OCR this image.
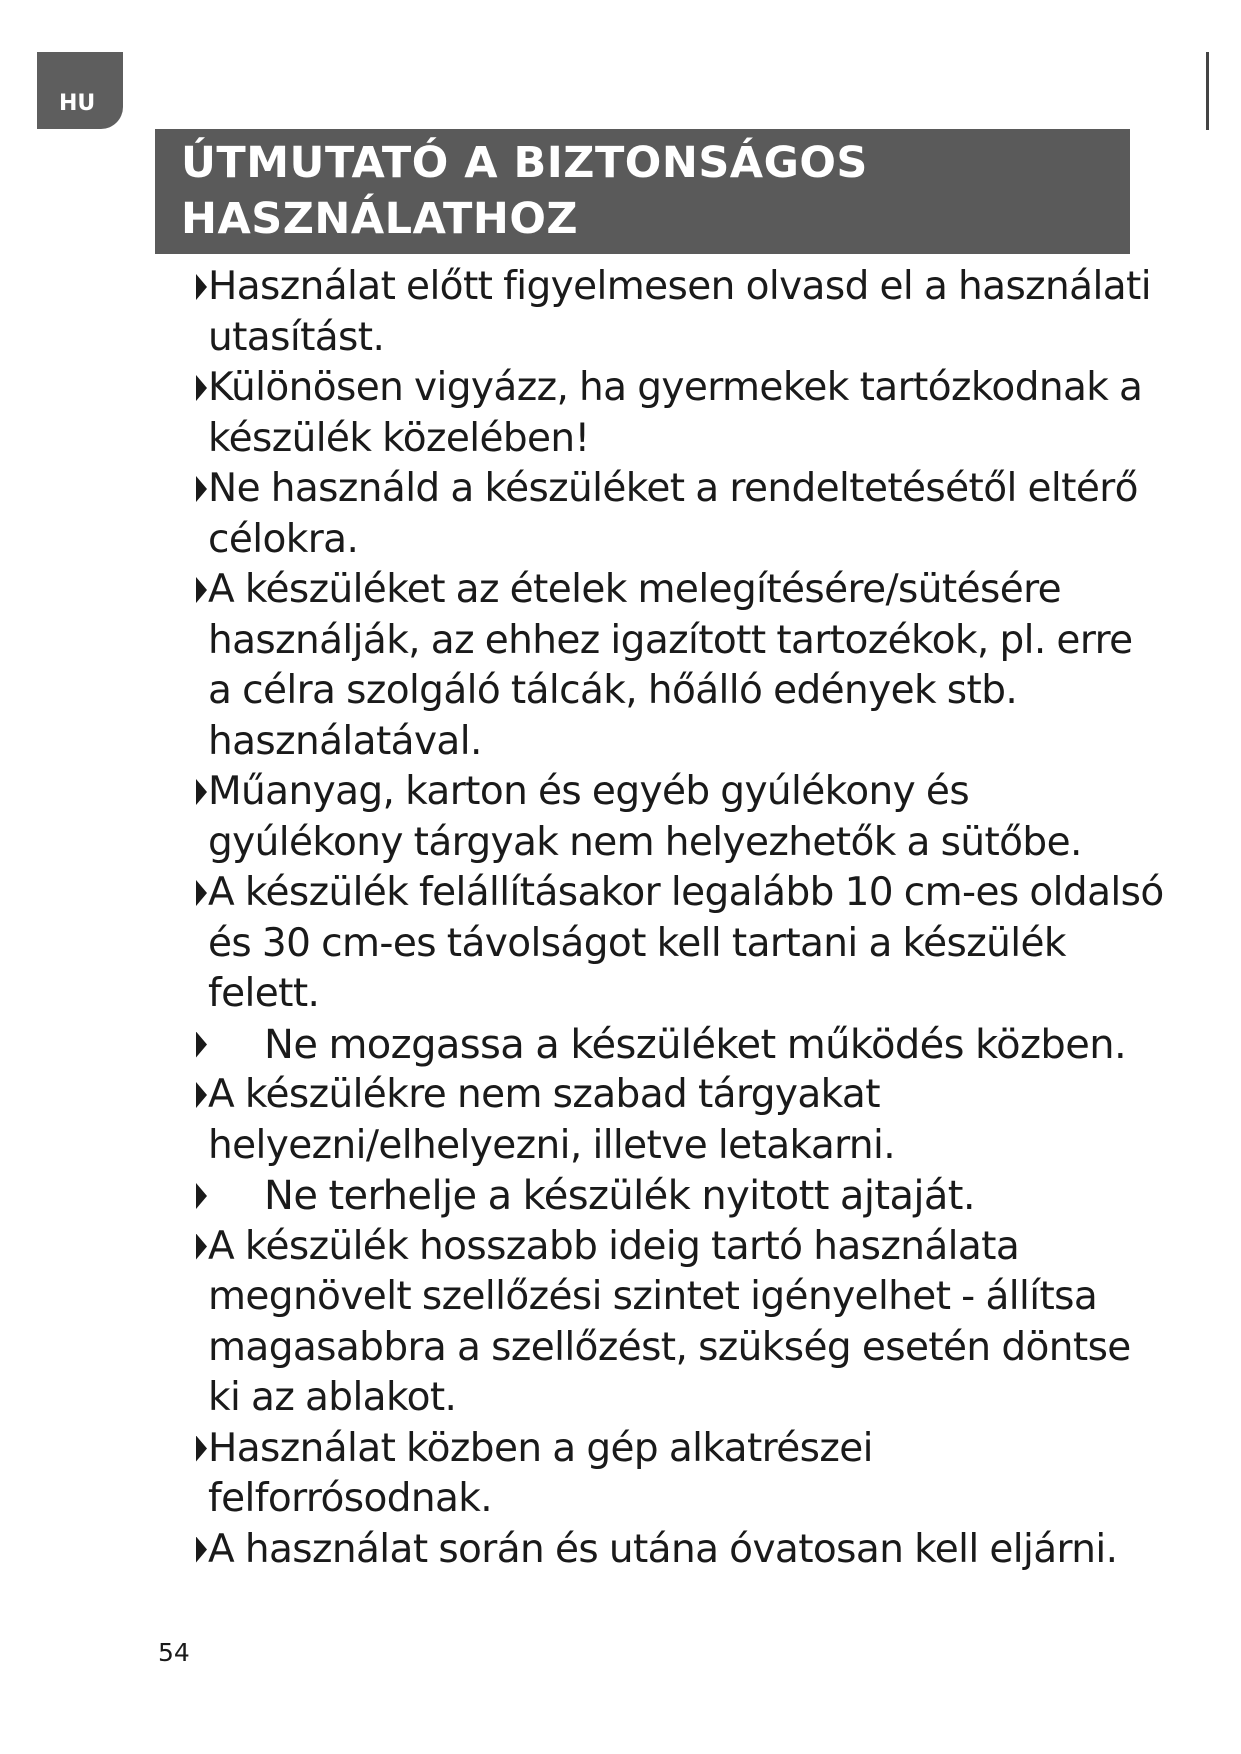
HU
ÚTMUTATÓ A BIZTONSÁGOS
HASZNÁLATHOZ
Használat előtt figyelmesen olvasd el a használati utasítást.
Különösen vigyázz, ha gyermekek tartózkodnak a készülék közelében!
Ne használd a készüléket a rendeltetésétől eltérő célokra.
A készüléket az ételek melegítésére/sütésére használják, az ehhez igazított tartozékok, pl. erre a célra szolgáló tálcák, hőálló edények stb. használatával.
Műanyag, karton és egyéb gyúlékony és gyúlékony tárgyak nem helyezhetők a sütőbe.
A készülék felállításakor legalább 10 cm-es oldalsó és 30 cm-es távolságot kell tartani a készülék felett.
Ne mozgassa a készüléket működés közben.
A készülékre nem szabad tárgyakat helyezni/elhelyezni, illetve letakarni.
Ne terhelje a készülék nyitott ajtaját.
A készülék hosszabb ideig tartó használata megnövelt szellőzési szintet igényelhet - állítsa magasabbra a szellőzést, szükség esetén döntse ki az ablakot.
Használat közben a gép alkatrészei felforrósodnak.
A használat során és utána óvatosan kell eljárni.
54
